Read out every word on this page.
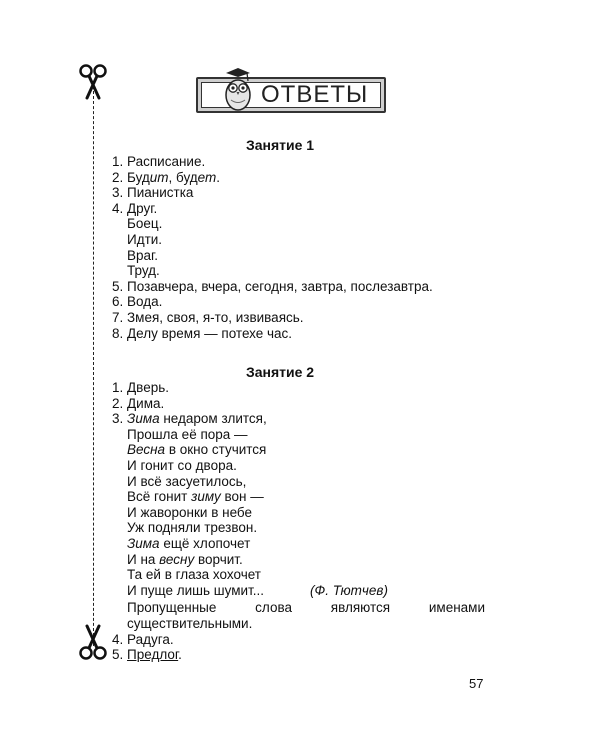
ОТВЕТЫ
Занятие 1
1. Расписание.
2. Будит, будет.
3. Пианистка
4. Друг.
Боец.
Идти.
Враг.
Труд.
5. Позавчера, вчера, сегодня, завтра, послезавтра.
6. Вода.
7. Змея, своя, я-то, извиваясь.
8. Делу время — потехе час.
Занятие 2
1. Дверь.
2. Дима.
3. Зима недаром злится,
Прошла её пора —
Весна в окно стучится
И гонит со двора.
И всё засуетилось,
Всё гонит зиму вон —
И жаворонки в небе
Уж подняли трезвон.
Зима ещё хлопочет
И на весну ворчит.
Та ей в глаза хохочет
И пуще лишь шумит...	(Ф. Тютчев)
Пропущенные слова являются именами существительными.
4. Радуга.
5. Предлог.
57
